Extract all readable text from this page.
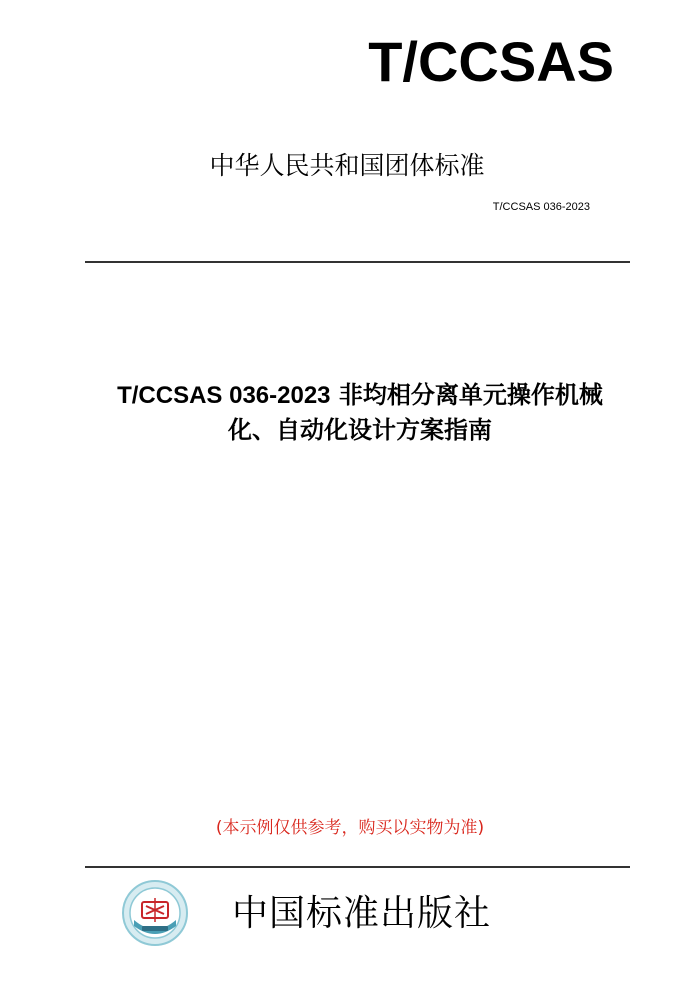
T/CCSAS
中华人民共和国团体标准
T/CCSAS 036-2023
T/CCSAS 036-2023 非均相分离单元操作机械
化、自动化设计方案指南
(本示例仅供参考，购买以实物为准)
中国标准出版社
